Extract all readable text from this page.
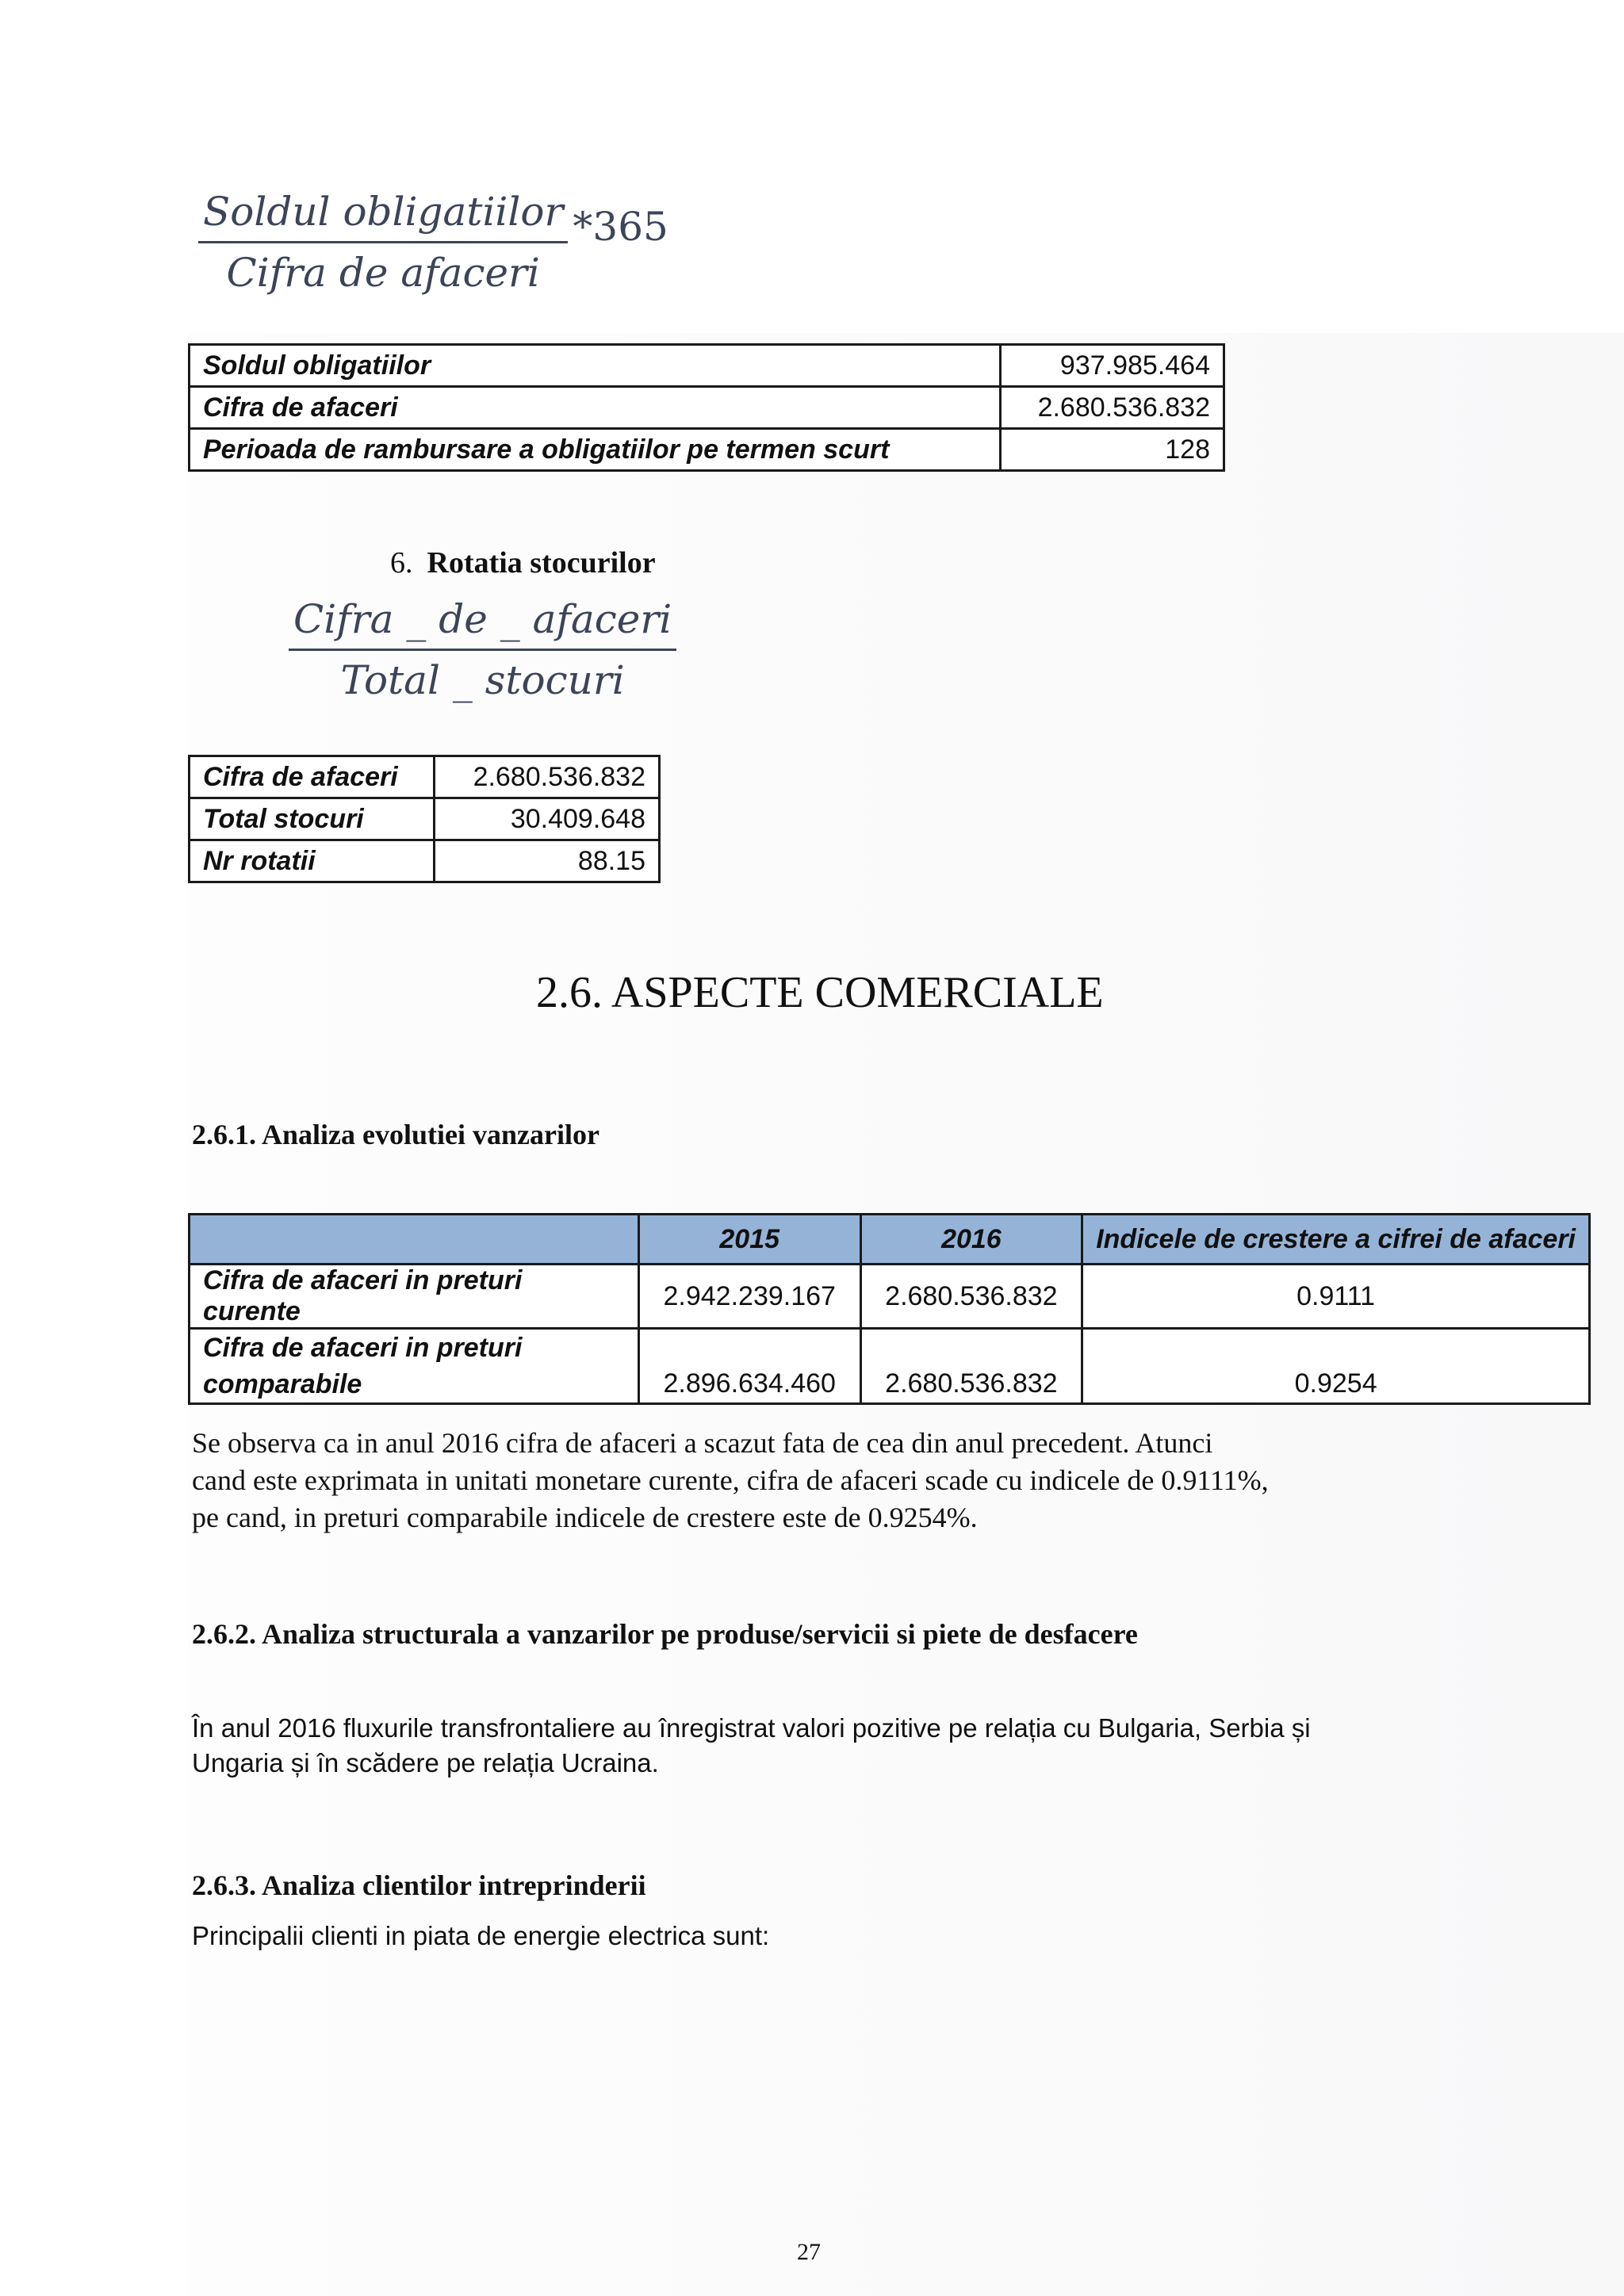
$\frac{\text{Soldul obligatiilor}}{\text{Cifra de afaceri}} *365$
Soldul obligatiilor	937.985.464
Cifra de afaceri	2.680.536.832
Perioada de rambursare a obligatiilor pe termen scurt	128
6. Rotatia stocurilor
$\frac{\text{Cifra \_ de \_ afaceri}}{\text{Total \_ stocuri}}$
Cifra de afaceri	2.680.536.832
Total stocuri	30.409.648
Nr rotatii	88.15
2.6. ASPECTE COMERCIALE
2.6.1. Analiza evolutiei vanzarilor
	2015	2016	Indicele de crestere a cifrei de afaceri
Cifra de afaceri in preturi curente	2.942.239.167	2.680.536.832	0.9111

Cifra de afaceri in preturi
comparabile	2.896.634.460	2.680.536.832	0.9254
Se observa ca in anul 2016 cifra de afaceri a scazut fata de cea din anul precedent. Atunci
cand este exprimata in unitati monetare curente, cifra de afaceri scade cu indicele de 0.9111%,
pe cand, in preturi comparabile indicele de crestere este de 0.9254%.
2.6.2. Analiza structurala a vanzarilor pe produse/servicii si piete de desfacere
În anul 2016 fluxurile transfrontaliere au înregistrat valori pozitive pe relația cu Bulgaria, Serbia și
Ungaria și în scădere pe relația Ucraina.
2.6.3. Analiza clientilor intreprinderii
Principalii clienti in piata de energie electrica sunt:
27
